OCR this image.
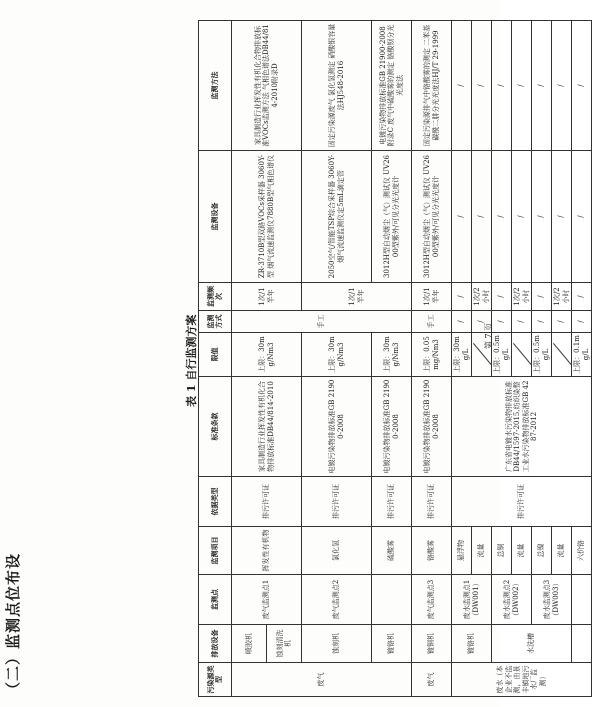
（二）监测点位布设
表 1 自行监测方案
污染源类型	排放设备	监测点	监测项目	依据类型	标准条款	限值	监测方式	监测频次	监测设备	监测方法
废气	喷胶机	废气监测点1	挥发性有机物	排污许可证	家具制造行业挥发性有机化合物排放标准DB44/814-2010	上限：30mg/Nm3	手工	1次/1半年	ZR-3710B型双路VOCs采样器 3060Y-型 烟气流速监测仪7880B型气相色谱仪	家具制造行业挥发性有机化合物排放标准VOCs监测方法 气相色谱法DB44/814-2010附录D
	蚀刻清洗机									
	蚀刻机	废气监测点2	氯化氢	排污许可证	电镀污染物排放标准GB 21900-2008	上限：30mg/Nm3		1次/1半年	2050空气/智能TSP综合采样器 3060Y-烟气流速监测仪定5mL滴定管	固定污染源废气 氯化氢测定 硝酸银容量法HJ548-2016
	镀铬机		硫酸雾	排污许可证	电镀污染物排放标准GB 21900-2008	上限：30mg/Nm3			3012H型自动烟尘（气）测试仪 UV2600型紫外/可见分光光度计	电镀污染物排放标准GB 21900-2008附录C 废气中硫酸雾的测定 铬酸钡分光光度法
废气	镀铜机	废气监测点3	铬酸雾	排污许可证	电镀污染物排放标准GB 21900-2008	上限：0.05mg/Nm3	手工	1次/1半年	3012H型自动烟尘（气）测试仪 UV2600型紫外/可见分光光度计	固定污染源排气中铬酸雾的测定 二苯基碳酰二肼分光光度法HJ/T 29-1999
废水（本企业不监测，由景丰镇地污水厂监测）	镀铬机	废水监测点1（DW001）	悬浮物	排污许可证	广东省电镀水污染物排放标准DB44/1597-2015,纺织染整工业水污染物排放标准GB 4287-2012	上限：30mg/L	/	/	/	/
			流量				/	1次/2小时	/	/
	水洗槽	废水监测点2（DW002）	总铜			上限：0.5mg/L	/	/	/	/
			流量				/	1次/2小时	/	/
		废水监测点3（DW003）	总镍			上限：0.5mg/L	/	/	/	/
			流量				/	1次/2小时	/	/
			六价铬			上限：0.1mg/L	/	/	/	/
第 7 页
